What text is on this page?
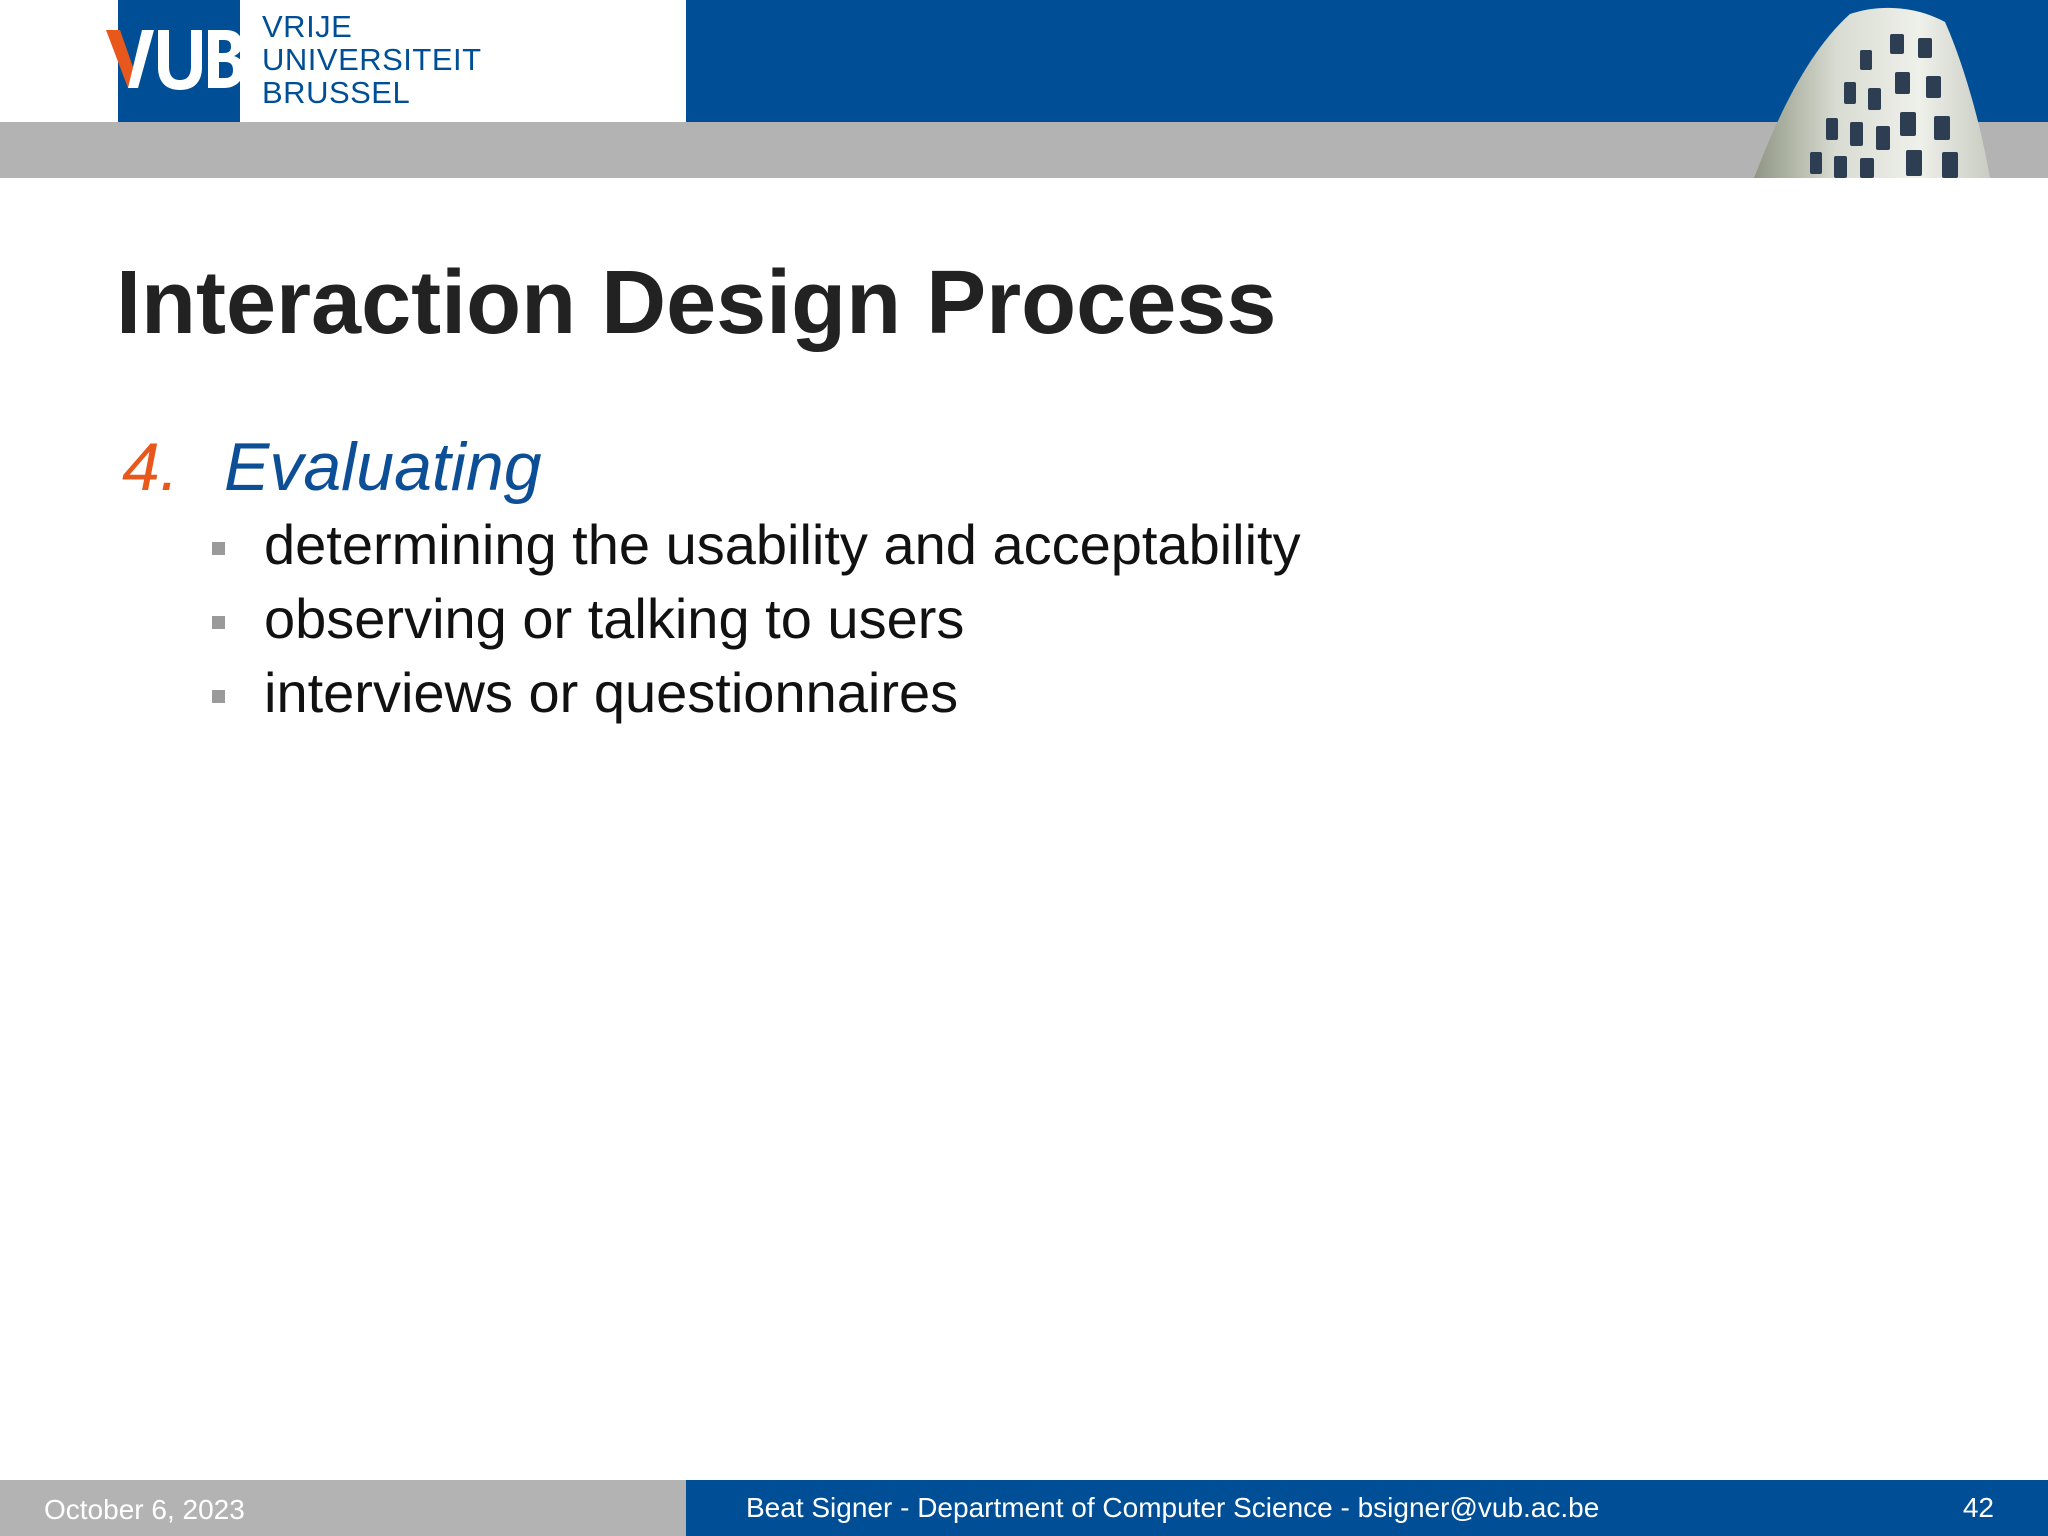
VRIJE
UNIVERSITEIT
BRUSSEL
Interaction Design Process
4. Evaluating
determining the usability and acceptability
observing or talking to users
interviews or questionnaires
October 6, 2023	Beat Signer - Department of Computer Science - bsigner@vub.ac.be	42
